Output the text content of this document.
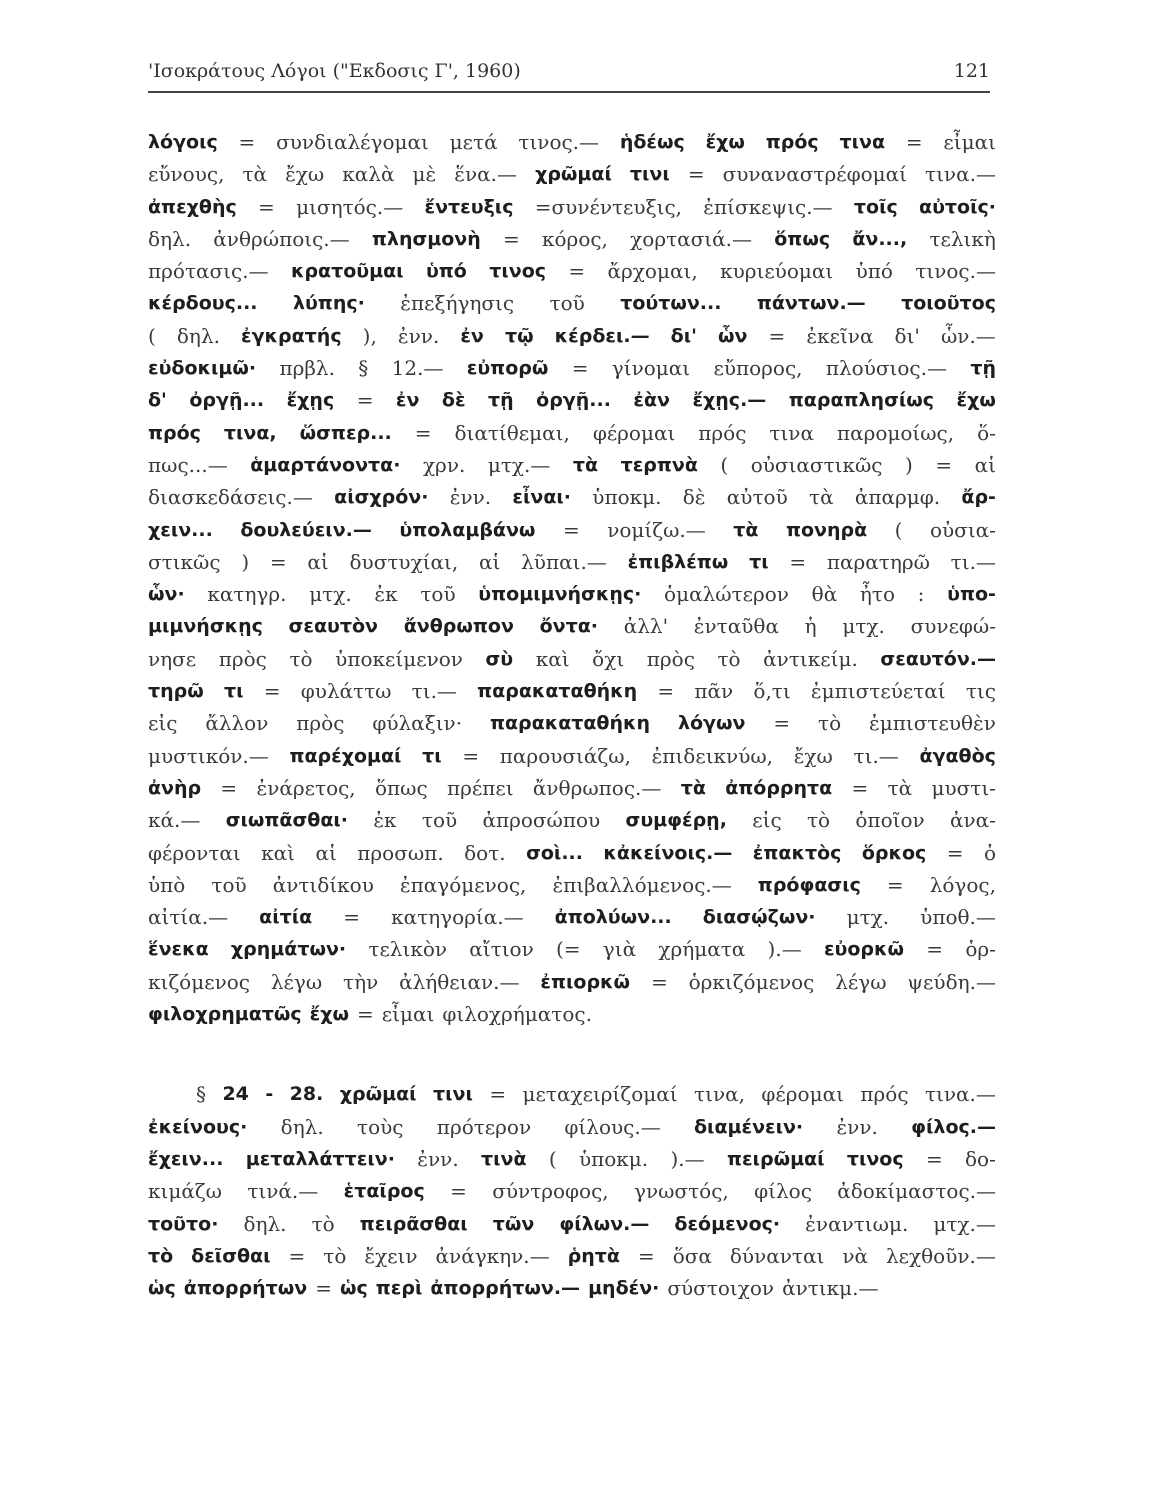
'Ισοκράτους Λόγοι ("Εκδοσις Γ', 1960)	121
λόγοις = συνδιαλέγομαι μετά τινος.— ἡδέως ἔχω πρός τινα = εἶμαι
εὔνους, τὰ ἔχω καλὰ μὲ ἕνα.— χρῶμαί τινι = συναναστρέφομαί τινα.—
ἀπεχθὴς = μισητός.— ἔντευξις =συνέντευξις, ἐπίσκεψις.— τοῖς αὐτοῖς·
δηλ. ἀνθρώποις.— πλησμονὴ = κόρος, χορτασιά.— ὅπως ἄν..., τελικὴ
πρότασις.— κρατοῦμαι ὑπό τινος = ἄρχομαι, κυριεύομαι ὑπό τινος.—
κέρδους... λύπης· ἐπεξήγησις τοῦ τούτων... πάντων.— τοιοῦτος
( δηλ. ἐγκρατής ), ἐνν. ἐν τῷ κέρδει.— δι' ὧν = ἐκεῖνα δι' ὧν.—
εὐδοκιμῶ· πρβλ. § 12.— εὐπορῶ = γίνομαι εὔπορος, πλούσιος.— τῇ
δ' ὀργῇ... ἔχῃς = ἐν δὲ τῇ ὀργῇ... ἐὰν ἔχῃς.— παραπλησίως ἔχω
πρός τινα, ὥσπερ... = διατίθεμαι, φέρομαι πρός τινα παρομοίως, ὅ-
πως...— ἁμαρτάνοντα· χρν. μτχ.— τὰ τερπνὰ ( οὐσιαστικῶς ) = αἱ
διασκεδάσεις.— αἰσχρόν· ἐνν. εἶναι· ὑποκμ. δὲ αὐτοῦ τὰ ἀπαρμφ. ἄρ-
χειν... δουλεύειν.— ὑπολαμβάνω = νομίζω.— τὰ πονηρὰ ( οὐσια-
στικῶς ) = αἱ δυστυχίαι, αἱ λῦπαι.— ἐπιβλέπω τι = παρατηρῶ τι.—
ὧν· κατηγρ. μτχ. ἐκ τοῦ ὑπομιμνήσκῃς· ὁμαλώτερον θὰ ἦτο : ὑπο-
μιμνήσκῃς σεαυτὸν ἄνθρωπον ὄντα· ἀλλ' ἐνταῦθα ἡ μτχ. συνεφώ-
νησε πρὸς τὸ ὑποκείμενον σὺ καὶ ὄχι πρὸς τὸ ἀντικείμ. σεαυτόν.—
τηρῶ τι = φυλάττω τι.— παρακαταθήκη = πᾶν ὅ,τι ἐμπιστεύεταί τις
εἰς ἄλλον πρὸς φύλαξιν· παρακαταθήκη λόγων = τὸ ἐμπιστευθὲν
μυστικόν.— παρέχομαί τι = παρουσιάζω, ἐπιδεικνύω, ἔχω τι.— ἀγαθὸς
ἀνὴρ = ἐνάρετος, ὅπως πρέπει ἄνθρωπος.— τὰ ἀπόρρητα = τὰ μυστι-
κά.— σιωπᾶσθαι· ἐκ τοῦ ἀπροσώπου συμφέρῃ, εἰς τὸ ὁποῖον ἀνα-
φέρονται καὶ αἱ προσωπ. δοτ. σοὶ... κἀκείνοις.— ἐπακτὸς ὅρκος = ὁ
ὑπὸ τοῦ ἀντιδίκου ἐπαγόμενος, ἐπιβαλλόμενος.— πρόφασις = λόγος,
αἰτία.— αἰτία = κατηγορία.— ἀπολύων... διασῴζων· μτχ. ὑποθ.—
ἕνεκα χρημάτων· τελικὸν αἴτιον (= γιὰ χρήματα ).— εὐορκῶ = ὁρ-
κιζόμενος λέγω τὴν ἀλήθειαν.— ἐπιορκῶ = ὁρκιζόμενος λέγω ψεύδη.—
φιλοχρηματῶς ἔχω = εἶμαι φιλοχρήματος.
§ 24 - 28. χρῶμαί τινι = μεταχειρίζομαί τινα, φέρομαι πρός τινα.—
ἐκείνους· δηλ. τοὺς πρότερον φίλους.— διαμένειν· ἐνν. φίλος.—
ἔχειν... μεταλλάττειν· ἐνν. τινὰ ( ὑποκμ. ).— πειρῶμαί τινος = δο-
κιμάζω τινά.— ἑταῖρος = σύντροφος, γνωστός, φίλος ἀδοκίμαστος.—
τοῦτο· δηλ. τὸ πειρᾶσθαι τῶν φίλων.— δεόμενος· ἐναντιωμ. μτχ.—
τὸ δεῖσθαι = τὸ ἔχειν ἀνάγκην.— ῥητὰ = ὅσα δύνανται νὰ λεχθοῦν.—
ὡς ἀπορρήτων = ὡς περὶ ἀπορρήτων.— μηδέν· σύστοιχον ἀντικμ.—
